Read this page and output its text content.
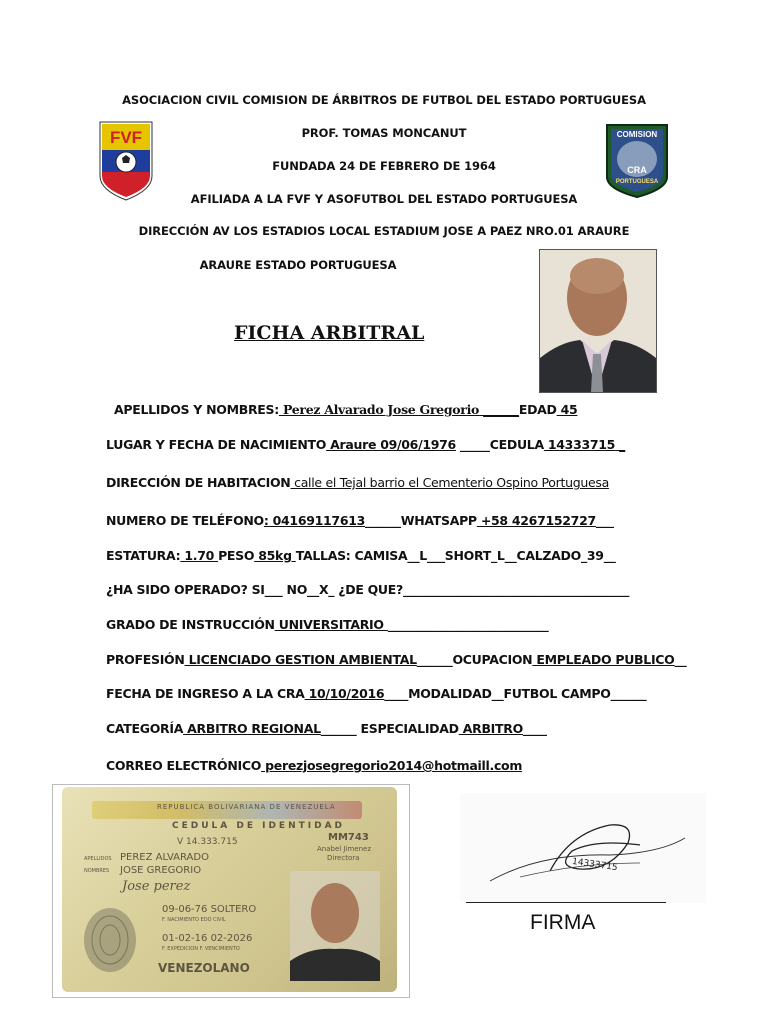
ASOCIACION CIVIL COMISION DE ÁRBITROS DE FUTBOL DEL ESTADO PORTUGUESA
PROF. TOMAS MONCANUT
FUNDADA 24 DE FEBRERO DE 1964
AFILIADA A LA FVF Y ASOFUTBOL DEL ESTADO PORTUGUESA
DIRECCIÓN AV LOS ESTADIOS LOCAL ESTADIUM JOSE A PAEZ NRO.01 ARAURE
ARAURE ESTADO PORTUGUESA
FVF	COMISION
CRA
PORTUGUESA
FICHA ARBITRAL
APELLIDOS Y NOMBRES: Perez Alvarado Jose Gregorio ______EDAD 45
LUGAR Y FECHA DE NACIMIENTO Araure 09/06/1976 _____CEDULA 14333715 _
DIRECCIÓN DE HABITACION calle el Tejal barrio el Cementerio Ospino Portuguesa
NUMERO DE TELÉFONO: 04169117613______WHATSAPP +58 4267152727___
ESTATURA: 1.70 PESO 85kg TALLAS: CAMISA__L___SHORT_L__CALZADO_39__
¿HA SIDO OPERADO? SI___ NO__X_ ¿DE QUE?______________________________________
GRADO DE INSTRUCCIÓN UNIVERSITARIO ___________________________
PROFESIÓN LICENCIADO GESTION AMBIENTAL______OCUPACION EMPLEADO PUBLICO__
FECHA DE INGRESO A LA CRA 10/10/2016____MODALIDAD__FUTBOL CAMPO______
CATEGORÍA ARBITRO REGIONAL______ ESPECIALIDAD ARBITRO____
CORREO ELECTRÓNICO perezjosegregorio2014@hotmaill.com
REPUBLICA BOLIVARIANA DE VENEZUELA
CEDULA DE IDENTIDAD
V 14.333.715	MM743
Anabel Jimenez
Directora
APELLIDOS PEREZ ALVARADO
NOMBRES JOSE GREGORIO
Jose perez
09-06-76 SOLTERO
F. NACIMIENTO EDO CIVIL
01-02-16 02-2026
F. EXPEDICION F. VENCIMIENTO
VENEZOLANO
14333715
FIRMA
